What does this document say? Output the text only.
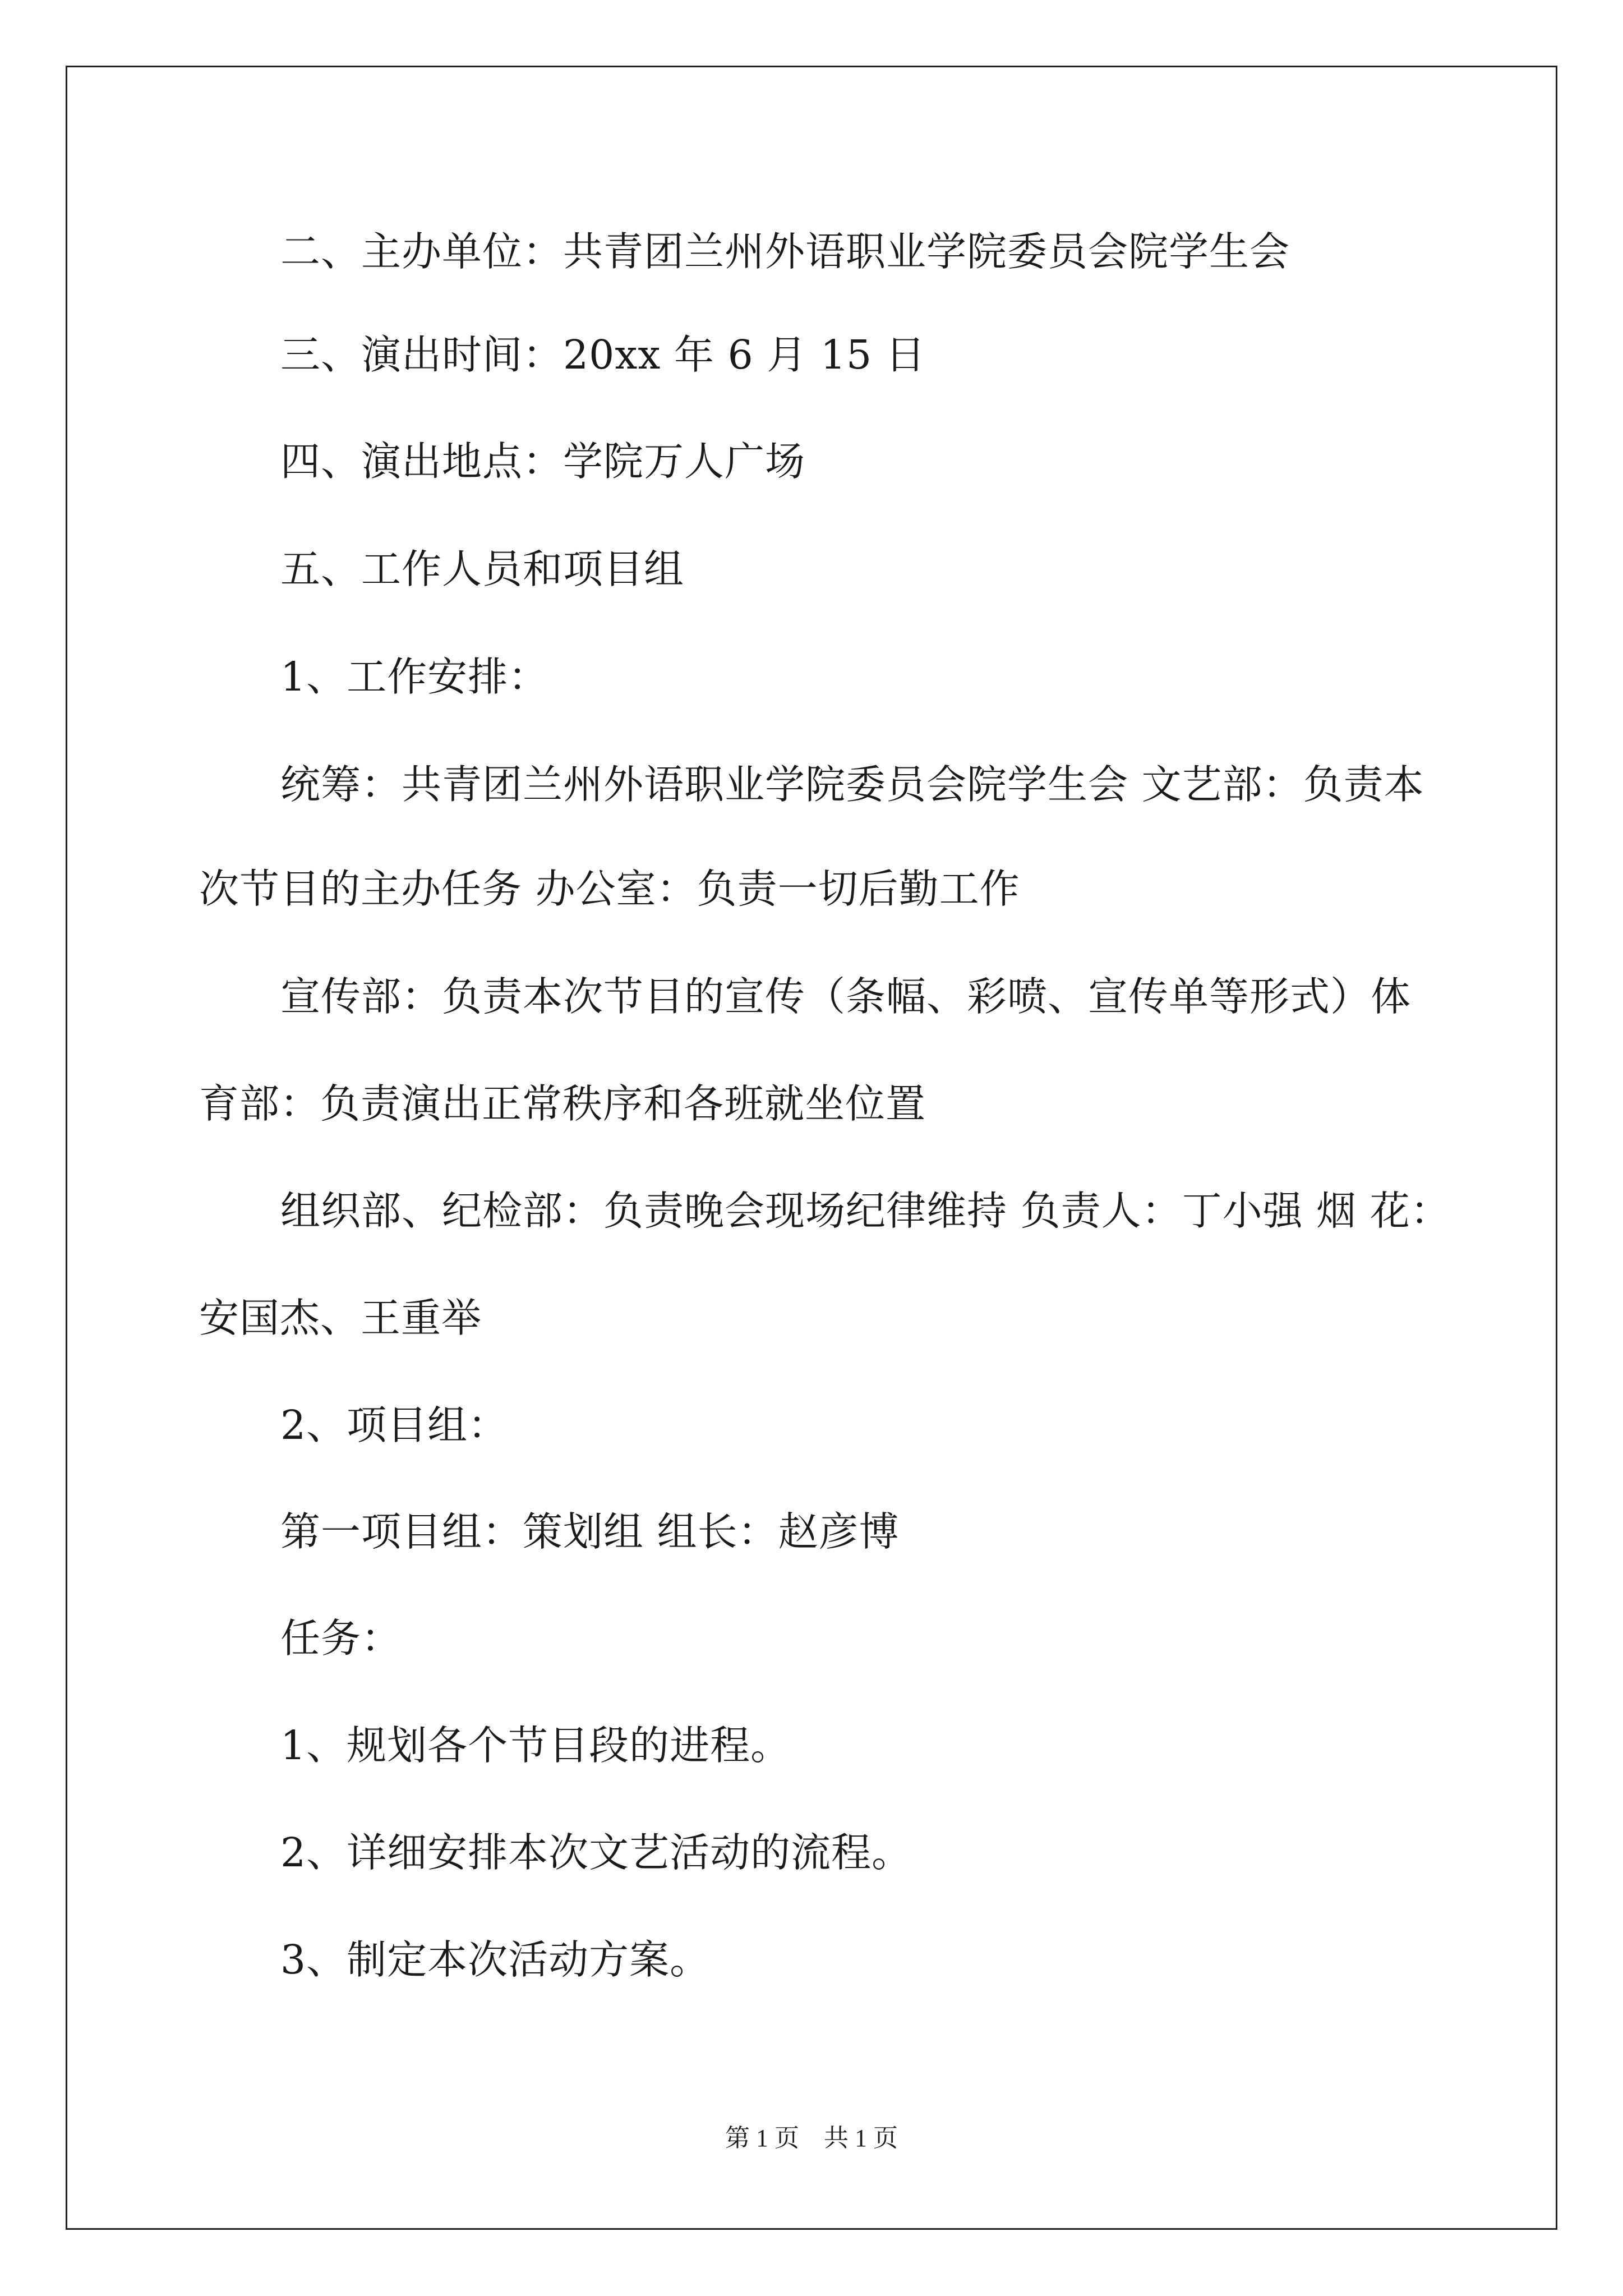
二、主办单位：共青团兰州外语职业学院委员会院学生会
三、演出时间：20xx 年 6 月 15 日
四、演出地点：学院万人广场
五、工作人员和项目组
1、工作安排：
统筹：共青团兰州外语职业学院委员会院学生会 文艺部：负责本
次节目的主办任务 办公室：负责一切后勤工作
宣传部：负责本次节目的宣传（条幅、彩喷、宣传单等形式）体
育部：负责演出正常秩序和各班就坐位置
组织部、纪检部：负责晚会现场纪律维持 负责人：丁小强 烟 花：
安国杰、王重举
2、项目组：
第一项目组：策划组 组长：赵彦博
任务：
1、规划各个节目段的进程。
2、详细安排本次文艺活动的流程。
3、制定本次活动方案。
第 1 页 共 1 页
